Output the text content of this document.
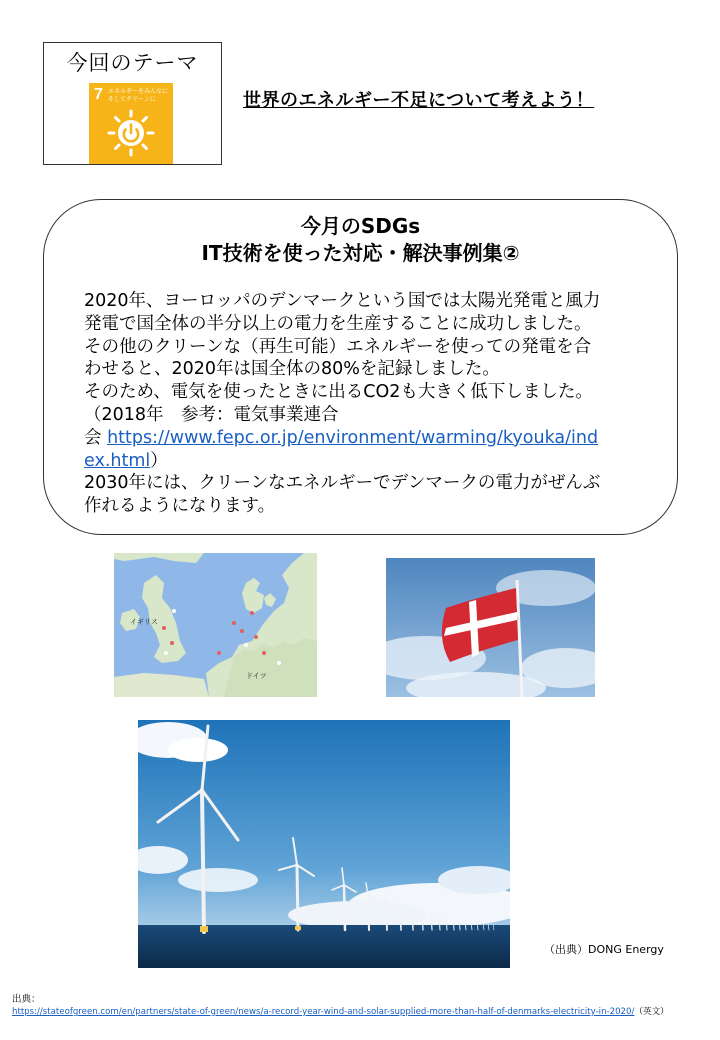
今回のテーマ
7 エネルギーをみんなに
そしてクリーンに	世界のエネルギー不足について考えよう！
今月のSDGs
IT技術を使った対応・解決事例集②
2020年、ヨーロッパのデンマークという国では太陽光発電と風力
発電で国全体の半分以上の電力を生産することに成功しました。
その他のクリーンな（再生可能）エネルギーを使っての発電を合
わせると、2020年は国全体の80%を記録しました。
そのため、電気を使ったときに出るCO2も大きく低下しました。
（2018年　参考：電気事業連合
会 https://www.fepc.or.jp/environment/warming/kyouka/ind
ex.html）
2030年には、クリーンなエネルギーでデンマークの電力がぜんぶ
作れるようになります。
イギリス
ドイツ
（出典）DONG Energy
出典：
https://stateofgreen.com/en/partners/state-of-green/news/a-record-year-wind-and-solar-supplied-more-than-half-of-denmarks-electricity-in-2020/（英文）
